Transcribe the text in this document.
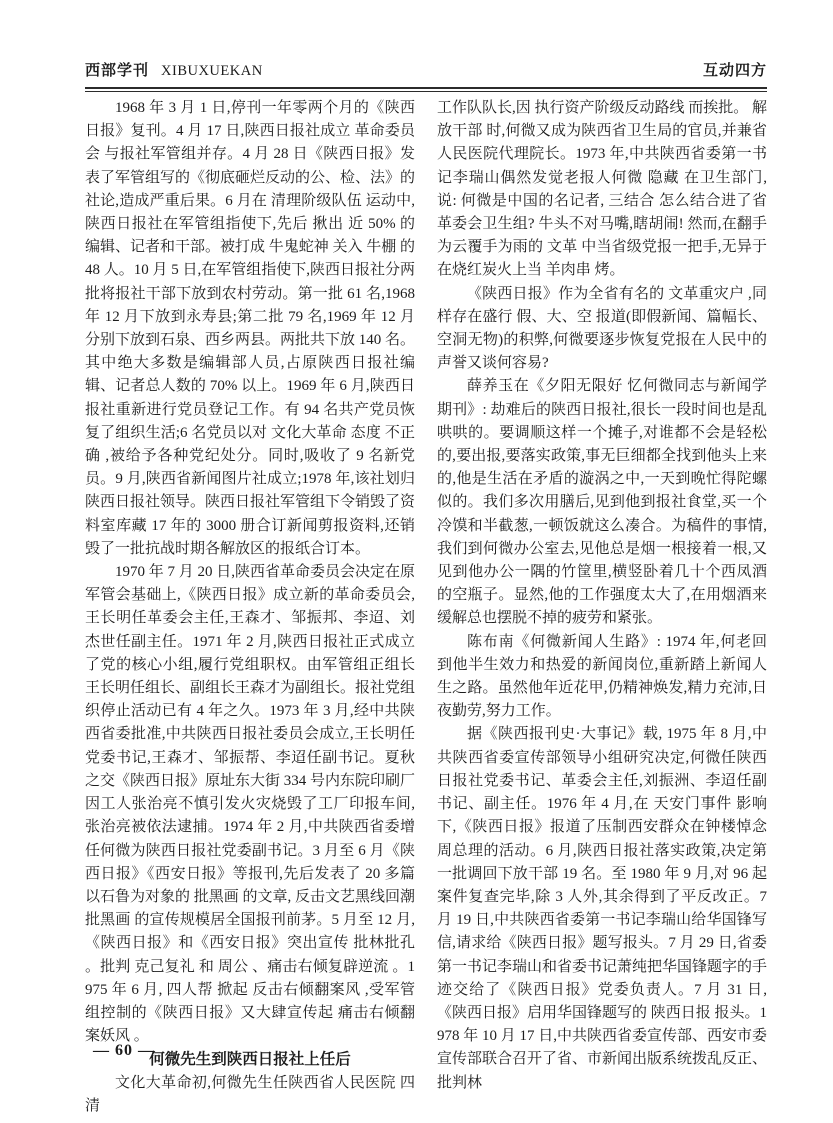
西部学刊 XIBUXUEKAN	互动四方

1968 年 3 月 1 日,停刊一年零两个月的《陕西日报》复刊。4 月 17 日,陕西日报社成立 革命委员会 与报社军管组并存。4 月 28 日《陕西日报》发表了军管组写的《彻底砸烂反动的公、检、法》的社论,造成严重后果。6 月在 清理阶级队伍 运动中,陕西日报社在军管组指使下,先后 揪出 近 50% 的编辑、记者和干部。被打成 牛鬼蛇神 关入 牛棚 的 48 人。10 月 5 日,在军管组指使下,陕西日报社分两批将报社干部下放到农村劳动。第一批 61 名,1968 年 12 月下放到永寿县;第二批 79 名,1969 年 12 月分别下放到石泉、西乡两县。两批共下放 140 名。其中绝大多数是编辑部人员,占原陕西日报社编辑、记者总人数的 70% 以上。1969 年 6 月,陕西日报社重新进行党员登记工作。有 94 名共产党员恢复了组织生活;6 名党员以对 文化大革命 态度 不正确 ,被给予各种党纪处分。同时,吸收了 9 名新党员。9 月,陕西省新闻图片社成立;1978 年,该社划归陕西日报社领导。陕西日报社军管组下令销毁了资料室库藏 17 年的 3000 册合订新闻剪报资料,还销毁了一批抗战时期各解放区的报纸合订本。

1970 年 7 月 20 日,陕西省革命委员会决定在原军管会基础上,《陕西日报》成立新的革命委员会,王长明任革委会主任,王森才、邹振邦、李迢、刘杰世任副主任。1971 年 2 月,陕西日报社正式成立了党的核心小组,履行党组职权。由军管组正组长王长明任组长、副组长王森才为副组长。报社党组织停止活动已有 4 年之久。1973 年 3 月,经中共陕西省委批准,中共陕西日报社委员会成立,王长明任党委书记,王森才、邹振帮、李迢任副书记。夏秋之交《陕西日报》原址东大街 334 号内东院印刷厂因工人张治亮不慎引发火灾烧毁了工厂印报车间,张治亮被依法逮捕。1974 年 2 月,中共陕西省委增任何微为陕西日报社党委副书记。3 月至 6 月《陕西日报》《西安日报》等报刊,先后发表了 20 多篇以石鲁为对象的 批黑画 的文章, 反击文艺黑线回潮 批黑画 的宣传规模居全国报刊前茅。5 月至 12 月,《陕西日报》和《西安日报》突出宣传 批林批孔 。批判 克己复礼 和 周公 、痛击右倾复辟逆流 。1975 年 6 月, 四人帮 掀起 反击右倾翻案风 ,受军管组控制的《陕西日报》又大肆宣传起 痛击右倾翻案妖风 。

何微先生到陕西日报社上任后

文化大革命初,何微先生任陕西省人民医院 四清

工作队队长,因 执行资产阶级反动路线 而挨批。 解放干部 时,何微又成为陕西省卫生局的官员,并兼省人民医院代理院长。1973 年,中共陕西省委第一书记李瑞山偶然发觉老报人何微 隐藏 在卫生部门,说: 何微是中国的名记者, 三结合 怎么结合进了省革委会卫生组? 牛头不对马嘴,瞎胡闹! 然而,在翻手为云覆手为雨的 文革 中当省级党报一把手,无异于在烧红炭火上当 羊肉串 烤。

《陕西日报》作为全省有名的 文革重灾户 ,同样存在盛行 假、大、空 报道(即假新闻、篇幅长、空洞无物)的积弊,何微要逐步恢复党报在人民中的声誉又谈何容易?

薛养玉在《夕阳无限好 忆何微同志与新闻学期刊》: 劫难后的陕西日报社,很长一段时间也是乱哄哄的。要调顺这样一个摊子,对谁都不会是轻松的,要出报,要落实政策,事无巨细都全找到他头上来的,他是生活在矛盾的漩涡之中,一天到晚忙得陀螺似的。我们多次用膳后,见到他到报社食堂,买一个冷馍和半截葱,一顿饭就这么凑合。为稿件的事情,我们到何微办公室去,见他总是烟一根接着一根,又见到他办公一隅的竹筐里,横竖卧着几十个西凤酒的空瓶子。显然,他的工作强度太大了,在用烟酒来缓解总也摆脱不掉的疲劳和紧张。

陈布南《何微新闻人生路》: 1974 年,何老回到他半生效力和热爱的新闻岗位,重新踏上新闻人生之路。虽然他年近花甲,仍精神焕发,精力充沛,日夜勤劳,努力工作。

据《陕西报刊史·大事记》载, 1975 年 8 月,中共陕西省委宣传部领导小组研究决定,何微任陕西日报社党委书记、革委会主任,刘振洲、李迢任副书记、副主任。1976 年 4 月,在 天安门事件 影响下,《陕西日报》报道了压制西安群众在钟楼悼念周总理的活动。6 月,陕西日报社落实政策,决定第一批调回下放干部 19 名。至 1980 年 9 月,对 96 起案件复查完毕,除 3 人外,其余得到了平反改正。7 月 19 日,中共陕西省委第一书记李瑞山给华国锋写信,请求给《陕西日报》题写报头。7 月 29 日,省委第一书记李瑞山和省委书记萧纯把华国锋题字的手迹交给了《陕西日报》党委负责人。7 月 31 日,《陕西日报》启用华国锋题写的 陕西日报 报头。1978 年 10 月 17 日,中共陕西省委宣传部、西安市委宣传部联合召开了省、市新闻出版系统拨乱反正、批判林

— 60 —
